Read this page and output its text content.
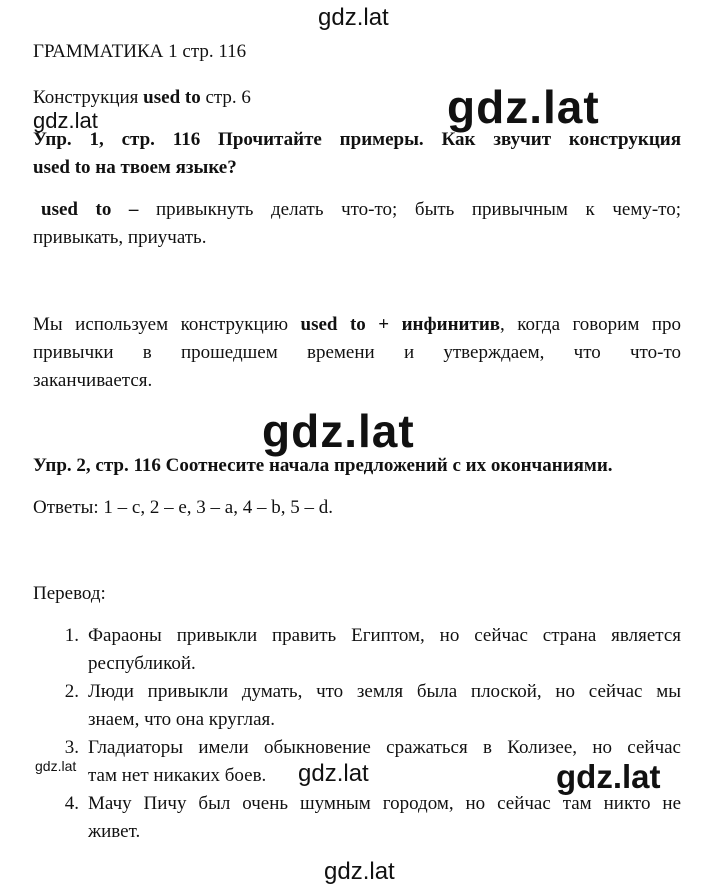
gdz.lat
ГРАММАТИКА 1 стр. 116
Конструкция used to стр. 6	gdz.lat
gdz.lat
Упр. 1, стр. 116 Прочитайте примеры. Как звучит конструкция
used to на твоем языке?
used to – привыкнуть делать что-то; быть привычным к чему-то;
привыкать, приучать.
Мы используем конструкцию used to + инфинитив, когда говорим про
привычки в прошедшем времени и утверждаем, что что-то
заканчивается.
gdz.lat
Упр. 2, стр. 116 Соотнесите начала предложений с их окончаниями.
Ответы: 1 – c, 2 – e, 3 – a, 4 – b, 5 – d.
Перевод:
1. Фараоны привыкли править Египтом, но сейчас страна является
республикой.
2. Люди привыкли думать, что земля была плоской, но сейчас мы
знаем, что она круглая.
3. Гладиаторы имели обыкновение сражаться в Колизее, но сейчас
там нет никаких боев.
4. Мачу Пичу был очень шумным городом, но сейчас там никто не
живет.
gdz.lat	gdz.lat	gdz.lat
gdz.lat
